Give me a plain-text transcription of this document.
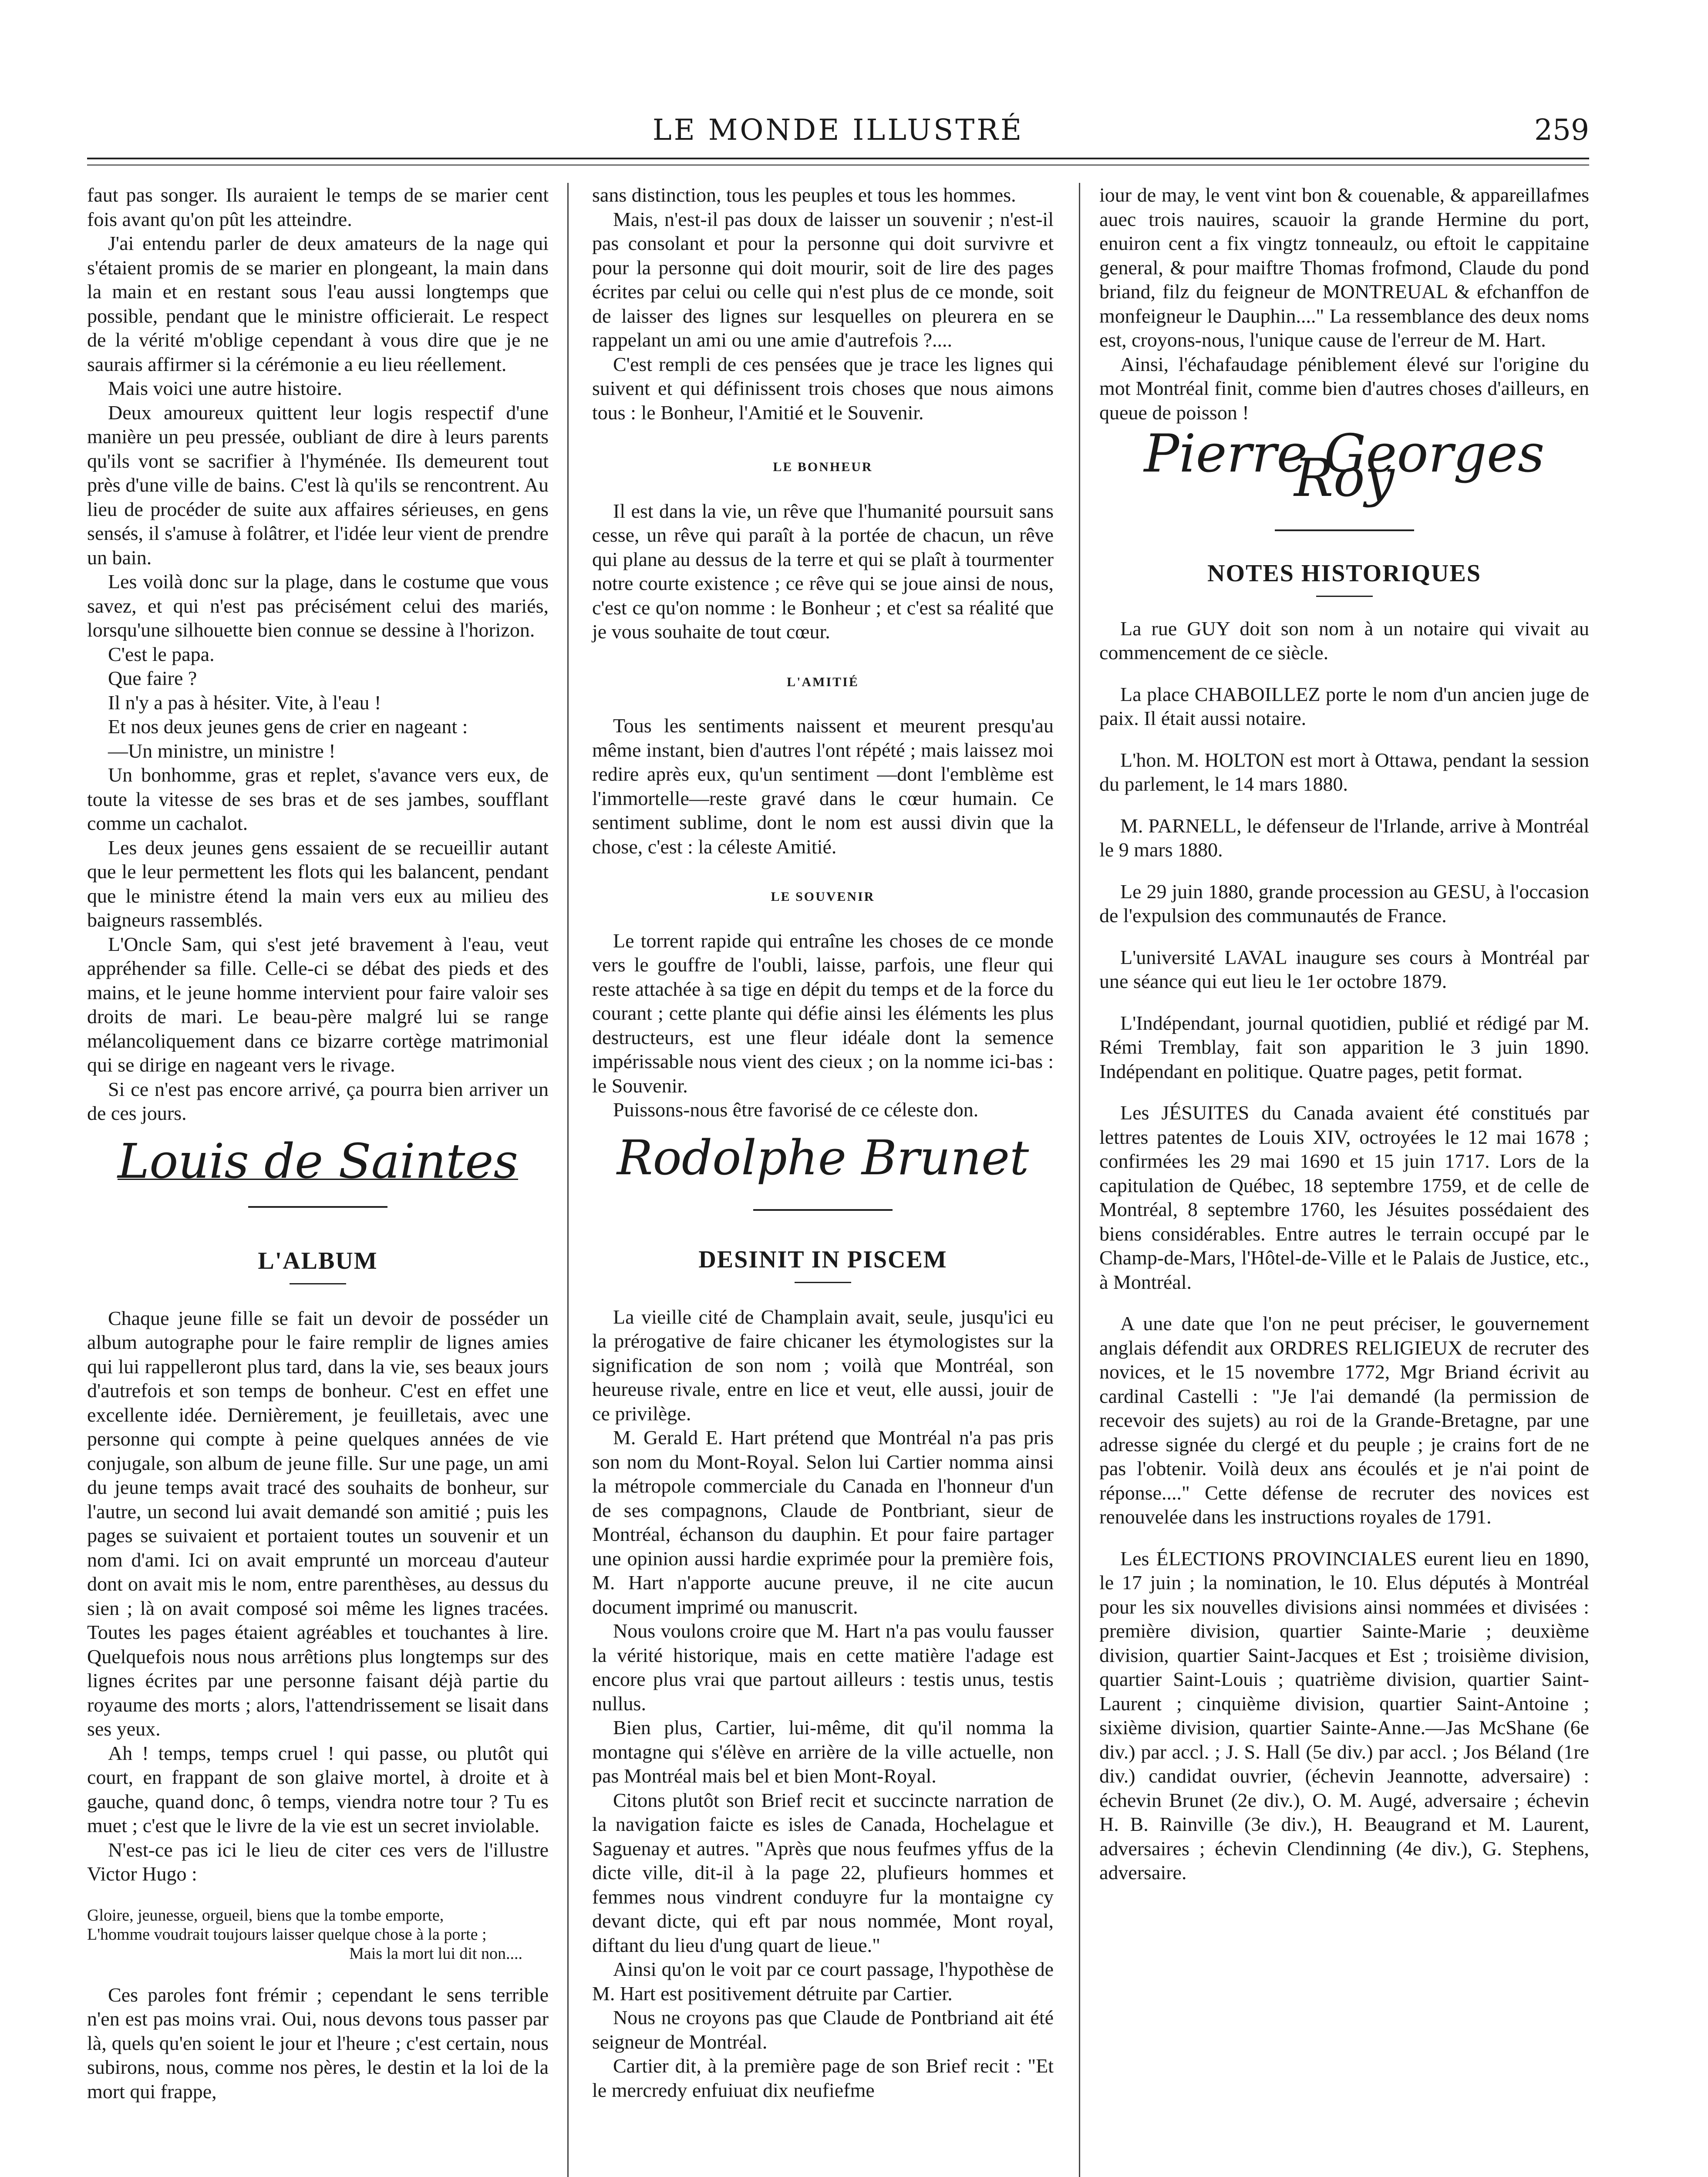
LE MONDE ILLUSTRÉ	259

faut pas songer. Ils auraient le temps de se marier cent fois avant qu'on pût les atteindre.

J'ai entendu parler de deux amateurs de la nage qui s'étaient promis de se marier en plongeant, la main dans la main et en restant sous l'eau aussi longtemps que possible, pendant que le ministre officierait. Le respect de la vérité m'oblige cependant à vous dire que je ne saurais affirmer si la cérémonie a eu lieu réellement.

Mais voici une autre histoire.

Deux amoureux quittent leur logis respectif d'une manière un peu pressée, oubliant de dire à leurs parents qu'ils vont se sacrifier à l'hyménée. Ils demeurent tout près d'une ville de bains. C'est là qu'ils se rencontrent. Au lieu de procéder de suite aux affaires sérieuses, en gens sensés, il s'amuse à folâtrer, et l'idée leur vient de prendre un bain.

Les voilà donc sur la plage, dans le costume que vous savez, et qui n'est pas précisément celui des mariés, lorsqu'une silhouette bien connue se dessine à l'horizon.

C'est le papa.

Que faire ?

Il n'y a pas à hésiter. Vite, à l'eau !

Et nos deux jeunes gens de crier en nageant :

—Un ministre, un ministre !

Un bonhomme, gras et replet, s'avance vers eux, de toute la vitesse de ses bras et de ses jambes, soufflant comme un cachalot.

Les deux jeunes gens essaient de se recueillir autant que le leur permettent les flots qui les balancent, pendant que le ministre étend la main vers eux au milieu des baigneurs rassemblés.

L'Oncle Sam, qui s'est jeté bravement à l'eau, veut appréhender sa fille. Celle-ci se débat des pieds et des mains, et le jeune homme intervient pour faire valoir ses droits de mari. Le beau-père malgré lui se range mélancoliquement dans ce bizarre cortège matrimonial qui se dirige en nageant vers le rivage.

Si ce n'est pas encore arrivé, ça pourra bien arriver un de ces jours.

Louis de Saintes
L'ALBUM

Chaque jeune fille se fait un devoir de posséder un album autographe pour le faire remplir de lignes amies qui lui rappelleront plus tard, dans la vie, ses beaux jours d'autrefois et son temps de bonheur. C'est en effet une excellente idée. Dernièrement, je feuilletais, avec une personne qui compte à peine quelques années de vie conjugale, son album de jeune fille. Sur une page, un ami du jeune temps avait tracé des souhaits de bonheur, sur l'autre, un second lui avait demandé son amitié ; puis les pages se suivaient et portaient toutes un souvenir et un nom d'ami. Ici on avait emprunté un morceau d'auteur dont on avait mis le nom, entre parenthèses, au dessus du sien ; là on avait composé soi même les lignes tracées. Toutes les pages étaient agréables et touchantes à lire. Quelquefois nous nous arrêtions plus longtemps sur des lignes écrites par une personne faisant déjà partie du royaume des morts ; alors, l'attendrissement se lisait dans ses yeux.

Ah ! temps, temps cruel ! qui passe, ou plutôt qui court, en frappant de son glaive mortel, à droite et à gauche, quand donc, ô temps, viendra notre tour ? Tu es muet ; c'est que le livre de la vie est un secret inviolable.

N'est-ce pas ici le lieu de citer ces vers de l'illustre Victor Hugo :

Gloire, jeunesse, orgueil, biens que la tombe emporte,
L'homme voudrait toujours laisser quelque chose à la porte ;
Mais la mort lui dit non....

Ces paroles font frémir ; cependant le sens terrible n'en est pas moins vrai. Oui, nous devons tous passer par là, quels qu'en soient le jour et l'heure ; c'est certain, nous subirons, nous, comme nos pères, le destin et la loi de la mort qui frappe,

sans distinction, tous les peuples et tous les hommes.

Mais, n'est-il pas doux de laisser un souvenir ; n'est-il pas consolant et pour la personne qui doit survivre et pour la personne qui doit mourir, soit de lire des pages écrites par celui ou celle qui n'est plus de ce monde, soit de laisser des lignes sur lesquelles on pleurera en se rappelant un ami ou une amie d'autrefois ?....

C'est rempli de ces pensées que je trace les lignes qui suivent et qui définissent trois choses que nous aimons tous : le Bonheur, l'Amitié et le Souvenir.

LE BONHEUR

Il est dans la vie, un rêve que l'humanité poursuit sans cesse, un rêve qui paraît à la portée de chacun, un rêve qui plane au dessus de la terre et qui se plaît à tourmenter notre courte existence ; ce rêve qui se joue ainsi de nous, c'est ce qu'on nomme : le Bonheur ; et c'est sa réalité que je vous souhaite de tout cœur.

L'AMITIÉ

Tous les sentiments naissent et meurent presqu'au même instant, bien d'autres l'ont répété ; mais laissez moi redire après eux, qu'un sentiment —dont l'emblème est l'immortelle—reste gravé dans le cœur humain. Ce sentiment sublime, dont le nom est aussi divin que la chose, c'est : la céleste Amitié.

LE SOUVENIR

Le torrent rapide qui entraîne les choses de ce monde vers le gouffre de l'oubli, laisse, parfois, une fleur qui reste attachée à sa tige en dépit du temps et de la force du courant ; cette plante qui défie ainsi les éléments les plus destructeurs, est une fleur idéale dont la semence impérissable nous vient des cieux ; on la nomme ici-bas : le Souvenir.

Puissons-nous être favorisé de ce céleste don.

Rodolphe Brunet
DESINIT IN PISCEM

La vieille cité de Champlain avait, seule, jusqu'ici eu la prérogative de faire chicaner les étymologistes sur la signification de son nom ; voilà que Montréal, son heureuse rivale, entre en lice et veut, elle aussi, jouir de ce privilège.

M. Gerald E. Hart prétend que Montréal n'a pas pris son nom du Mont-Royal. Selon lui Cartier nomma ainsi la métropole commerciale du Canada en l'honneur d'un de ses compagnons, Claude de Pontbriant, sieur de Montréal, échanson du dauphin. Et pour faire partager une opinion aussi hardie exprimée pour la première fois, M. Hart n'apporte aucune preuve, il ne cite aucun document imprimé ou manuscrit.

Nous voulons croire que M. Hart n'a pas voulu fausser la vérité historique, mais en cette matière l'adage est encore plus vrai que partout ailleurs : testis unus, testis nullus.

Bien plus, Cartier, lui-même, dit qu'il nomma la montagne qui s'élève en arrière de la ville actuelle, non pas Montréal mais bel et bien Mont-Royal.

Citons plutôt son Brief recit et succincte narration de la navigation faicte es isles de Canada, Hochelague et Saguenay et autres. "Après que nous feufmes yffus de la dicte ville, dit-il à la page 22, plufieurs hommes et femmes nous vindrent conduyre fur la montaigne cy devant dicte, qui eft par nous nommée, Mont royal, diftant du lieu d'ung quart de lieue."

Ainsi qu'on le voit par ce court passage, l'hypothèse de M. Hart est positivement détruite par Cartier.

Nous ne croyons pas que Claude de Pontbriand ait été seigneur de Montréal.

Cartier dit, à la première page de son Brief recit : "Et le mercredy enfuiuat dix neufiefme

iour de may, le vent vint bon & couenable, & appareillafmes auec trois nauires, scauoir la grande Hermine du port, enuiron cent a fix vingtz tonneaulz, ou eftoit le cappitaine general, & pour maiftre Thomas frofmond, Claude du pond briand, filz du feigneur de MONTREUAL & efchanffon de monfeigneur le Dauphin...." La ressemblance des deux noms est, croyons-nous, l'unique cause de l'erreur de M. Hart.

Ainsi, l'échafaudage péniblement élevé sur l'origine du mot Montréal finit, comme bien d'autres choses d'ailleurs, en queue de poisson !

Pierre Georges Roy
NOTES HISTORIQUES

La rue GUY doit son nom à un notaire qui vivait au commencement de ce siècle.

La place CHABOILLEZ porte le nom d'un ancien juge de paix. Il était aussi notaire.

L'hon. M. HOLTON est mort à Ottawa, pendant la session du parlement, le 14 mars 1880.

M. PARNELL, le défenseur de l'Irlande, arrive à Montréal le 9 mars 1880.

Le 29 juin 1880, grande procession au GESU, à l'occasion de l'expulsion des communautés de France.

L'université LAVAL inaugure ses cours à Montréal par une séance qui eut lieu le 1er octobre 1879.

L'Indépendant, journal quotidien, publié et rédigé par M. Rémi Tremblay, fait son apparition le 3 juin 1890. Indépendant en politique. Quatre pages, petit format.

Les JÉSUITES du Canada avaient été constitués par lettres patentes de Louis XIV, octroyées le 12 mai 1678 ; confirmées les 29 mai 1690 et 15 juin 1717. Lors de la capitulation de Québec, 18 septembre 1759, et de celle de Montréal, 8 septembre 1760, les Jésuites possédaient des biens considérables. Entre autres le terrain occupé par le Champ-de-Mars, l'Hôtel-de-Ville et le Palais de Justice, etc., à Montréal.

A une date que l'on ne peut préciser, le gouvernement anglais défendit aux ORDRES RELIGIEUX de recruter des novices, et le 15 novembre 1772, Mgr Briand écrivit au cardinal Castelli : "Je l'ai demandé (la permission de recevoir des sujets) au roi de la Grande-Bretagne, par une adresse signée du clergé et du peuple ; je crains fort de ne pas l'obtenir. Voilà deux ans écoulés et je n'ai point de réponse...." Cette défense de recruter des novices est renouvelée dans les instructions royales de 1791.

Les ÉLECTIONS PROVINCIALES eurent lieu en 1890, le 17 juin ; la nomination, le 10. Elus députés à Montréal pour les six nouvelles divisions ainsi nommées et divisées : première division, quartier Sainte-Marie ; deuxième division, quartier Saint-Jacques et Est ; troisième division, quartier Saint-Louis ; quatrième division, quartier Saint-Laurent ; cinquième division, quartier Saint-Antoine ; sixième division, quartier Sainte-Anne.—Jas McShane (6e div.) par accl. ; J. S. Hall (5e div.) par accl. ; Jos Béland (1re div.) candidat ouvrier, (échevin Jeannotte, adversaire) : échevin Brunet (2e div.), O. M. Augé, adversaire ; échevin H. B. Rainville (3e div.), H. Beaugrand et M. Laurent, adversaires ; échevin Clendinning (4e div.), G. Stephens, adversaire.
